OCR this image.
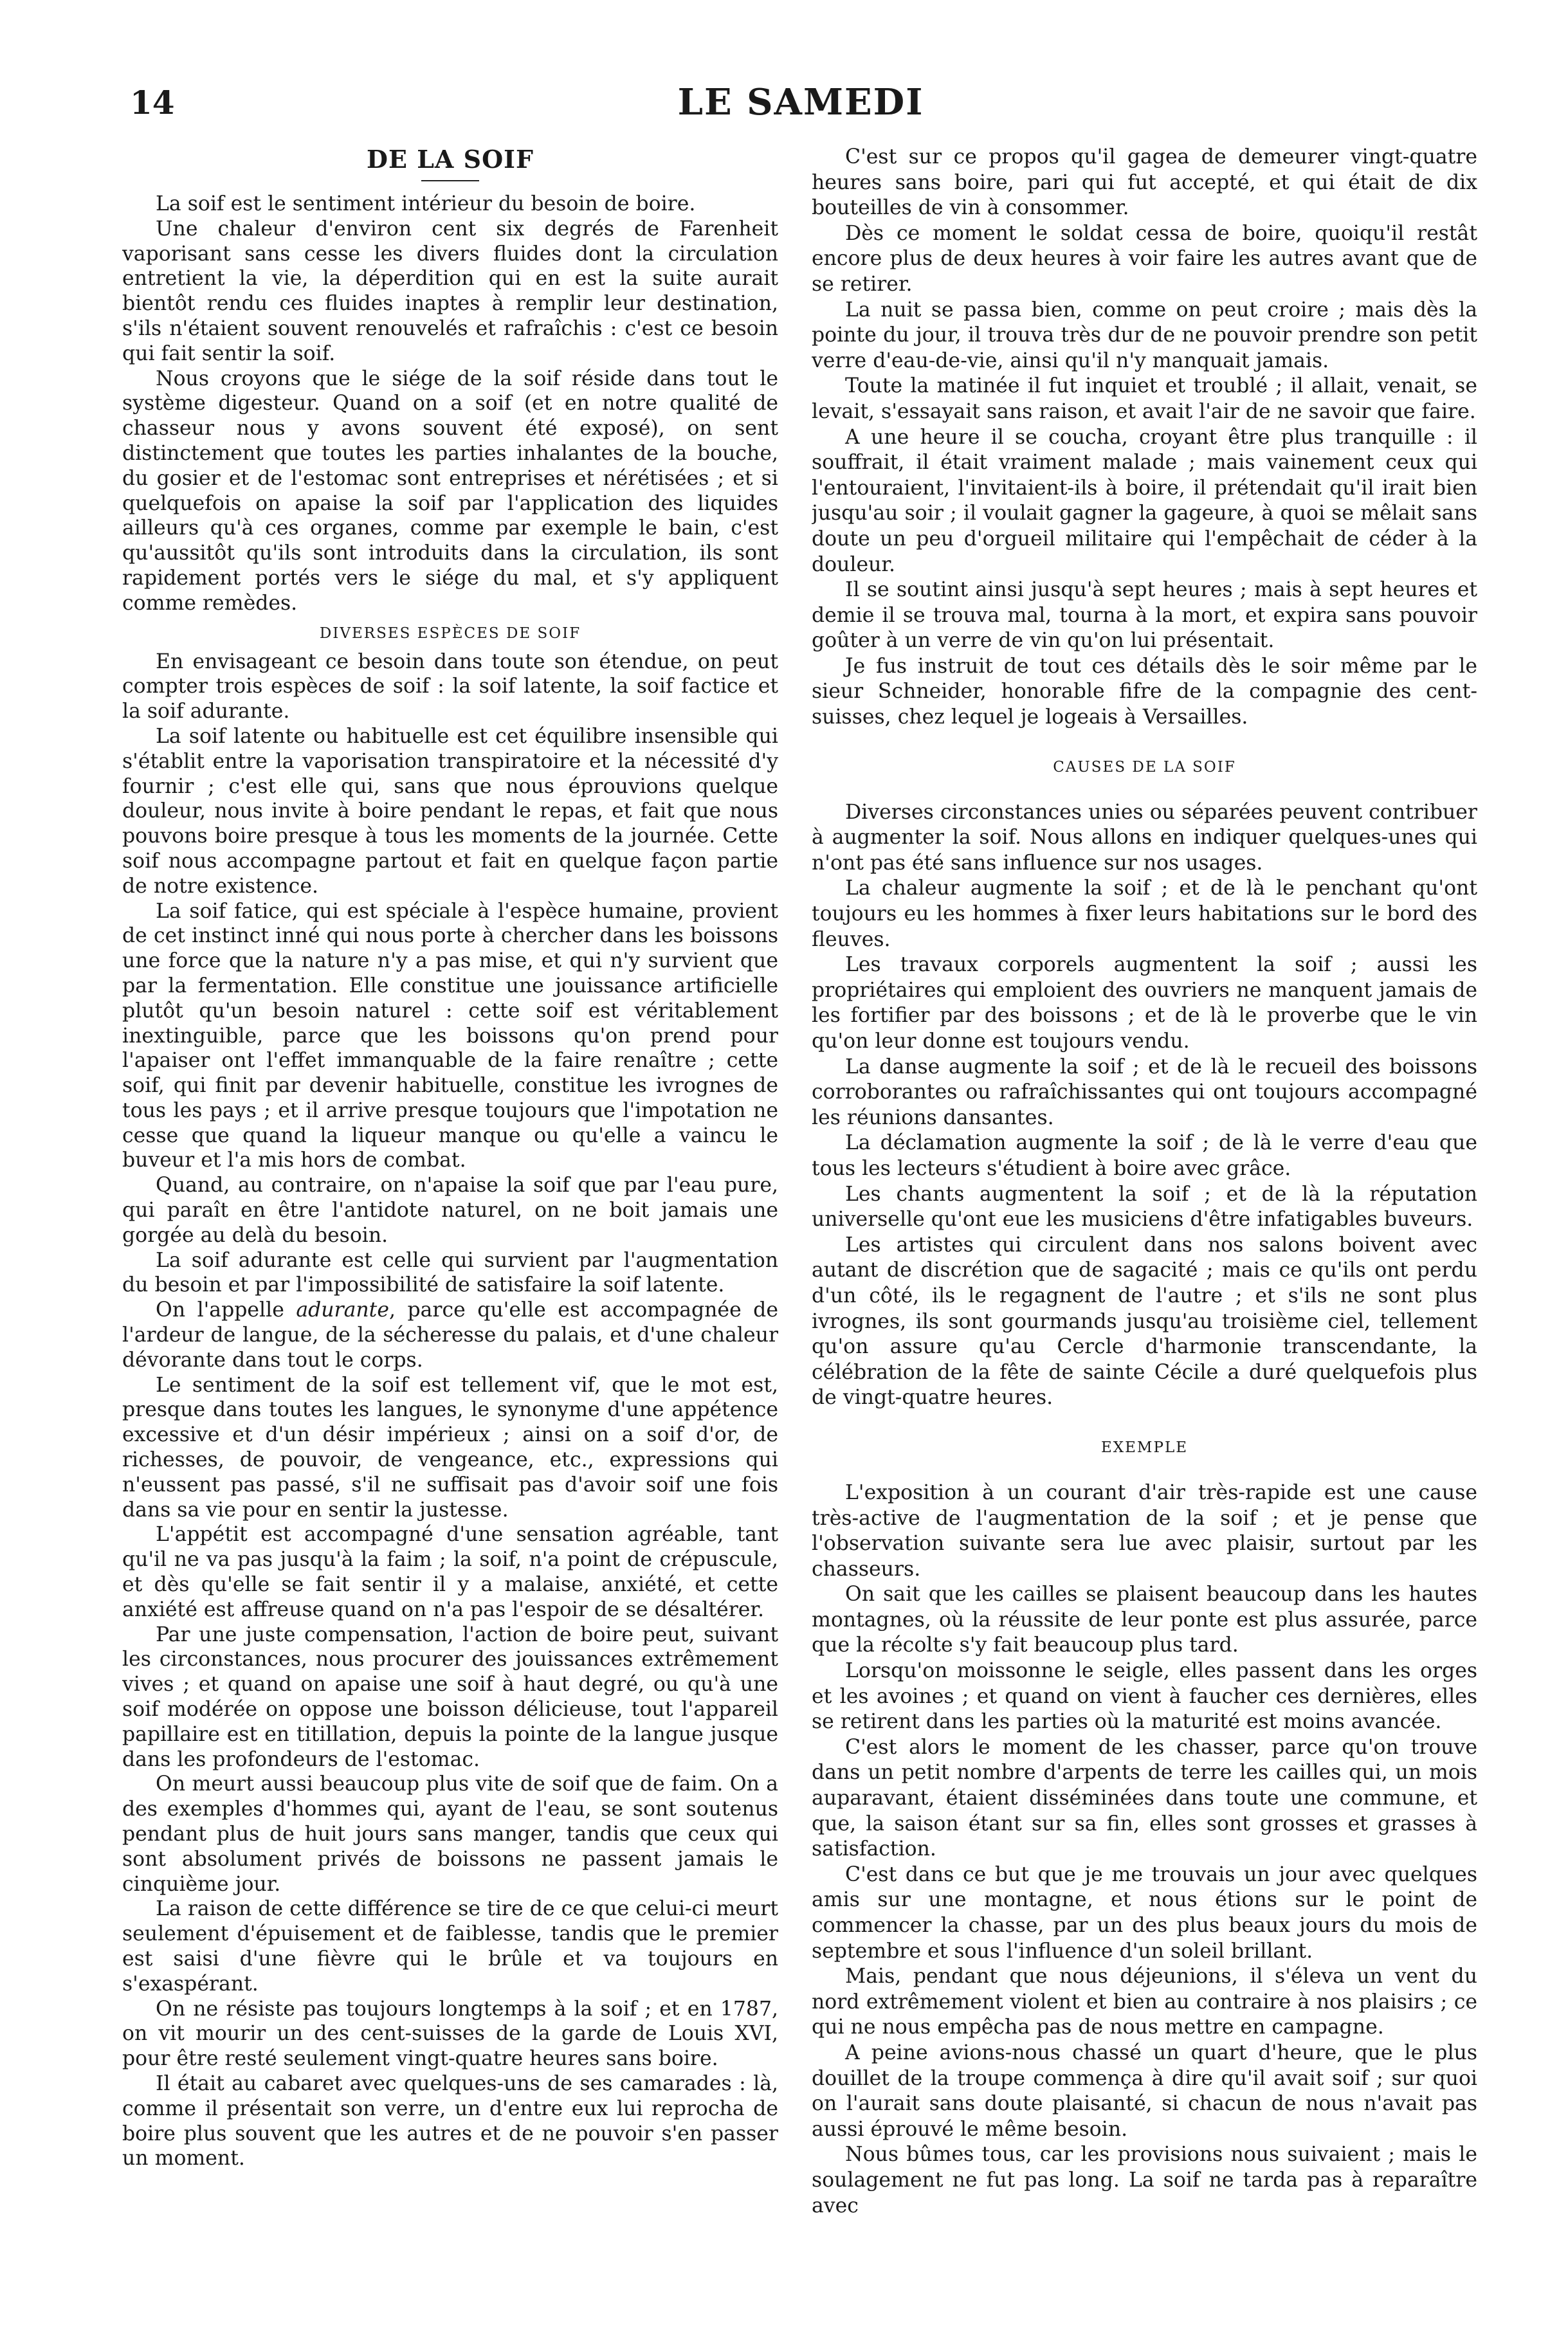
14	LE SAMEDI
DE LA SOIF

La soif est le sentiment intérieur du besoin de boire.

Une chaleur d'environ cent six degrés de Farenheit vaporisant sans cesse les divers fluides dont la circulation entretient la vie, la déperdition qui en est la suite aurait bientôt rendu ces fluides inaptes à remplir leur destination, s'ils n'étaient souvent renouvelés et rafraîchis : c'est ce besoin qui fait sentir la soif.

Nous croyons que le siége de la soif réside dans tout le système digesteur. Quand on a soif (et en notre qualité de chasseur nous y avons souvent été exposé), on sent distinctement que toutes les parties inhalantes de la bouche, du gosier et de l'estomac sont entreprises et nérétisées ; et si quelquefois on apaise la soif par l'application des liquides ailleurs qu'à ces organes, comme par exemple le bain, c'est qu'aussitôt qu'ils sont introduits dans la circulation, ils sont rapidement portés vers le siége du mal, et s'y appliquent comme remèdes.

DIVERSES ESPÈCES DE SOIF

En envisageant ce besoin dans toute son étendue, on peut compter trois espèces de soif : la soif latente, la soif factice et la soif adurante.

La soif latente ou habituelle est cet équilibre insensible qui s'établit entre la vaporisation transpiratoire et la nécessité d'y fournir ; c'est elle qui, sans que nous éprouvions quelque douleur, nous invite à boire pendant le repas, et fait que nous pouvons boire presque à tous les moments de la journée. Cette soif nous accompagne partout et fait en quelque façon partie de notre existence.

La soif fatice, qui est spéciale à l'espèce humaine, provient de cet instinct inné qui nous porte à chercher dans les boissons une force que la nature n'y a pas mise, et qui n'y survient que par la fermentation. Elle constitue une jouissance artificielle plutôt qu'un besoin naturel : cette soif est véritablement inextinguible, parce que les boissons qu'on prend pour l'apaiser ont l'effet immanquable de la faire renaître ; cette soif, qui finit par devenir habituelle, constitue les ivrognes de tous les pays ; et il arrive presque toujours que l'impotation ne cesse que quand la liqueur manque ou qu'elle a vaincu le buveur et l'a mis hors de combat.

Quand, au contraire, on n'apaise la soif que par l'eau pure, qui paraît en être l'antidote naturel, on ne boit jamais une gorgée au delà du besoin.

La soif adurante est celle qui survient par l'augmentation du besoin et par l'impossibilité de satisfaire la soif latente.

On l'appelle adurante, parce qu'elle est accompagnée de l'ardeur de langue, de la sécheresse du palais, et d'une chaleur dévorante dans tout le corps.

Le sentiment de la soif est tellement vif, que le mot est, presque dans toutes les langues, le synonyme d'une appétence excessive et d'un désir impérieux ; ainsi on a soif d'or, de richesses, de pouvoir, de vengeance, etc., expressions qui n'eussent pas passé, s'il ne suffisait pas d'avoir soif une fois dans sa vie pour en sentir la justesse.

L'appétit est accompagné d'une sensation agréable, tant qu'il ne va pas jusqu'à la faim ; la soif, n'a point de crépuscule, et dès qu'elle se fait sentir il y a malaise, anxiété, et cette anxiété est affreuse quand on n'a pas l'espoir de se désaltérer.

Par une juste compensation, l'action de boire peut, suivant les circonstances, nous procurer des jouissances extrêmement vives ; et quand on apaise une soif à haut degré, ou qu'à une soif modérée on oppose une boisson délicieuse, tout l'appareil papillaire est en titillation, depuis la pointe de la langue jusque dans les profondeurs de l'estomac.

On meurt aussi beaucoup plus vite de soif que de faim. On a des exemples d'hommes qui, ayant de l'eau, se sont soutenus pendant plus de huit jours sans manger, tandis que ceux qui sont absolument privés de boissons ne passent jamais le cinquième jour.

La raison de cette différence se tire de ce que celui-ci meurt seulement d'épuisement et de faiblesse, tandis que le premier est saisi d'une fièvre qui le brûle et va toujours en s'exaspérant.

On ne résiste pas toujours longtemps à la soif ; et en 1787, on vit mourir un des cent-suisses de la garde de Louis XVI, pour être resté seulement vingt-quatre heures sans boire.

Il était au cabaret avec quelques-uns de ses camarades : là, comme il présentait son verre, un d'entre eux lui reprocha de boire plus souvent que les autres et de ne pouvoir s'en passer un moment.

C'est sur ce propos qu'il gagea de demeurer vingt-quatre heures sans boire, pari qui fut accepté, et qui était de dix bouteilles de vin à consommer.

Dès ce moment le soldat cessa de boire, quoiqu'il restât encore plus de deux heures à voir faire les autres avant que de se retirer.

La nuit se passa bien, comme on peut croire ; mais dès la pointe du jour, il trouva très dur de ne pouvoir prendre son petit verre d'eau-de-vie, ainsi qu'il n'y manquait jamais.

Toute la matinée il fut inquiet et troublé ; il allait, venait, se levait, s'essayait sans raison, et avait l'air de ne savoir que faire.

A une heure il se coucha, croyant être plus tranquille : il souffrait, il était vraiment malade ; mais vainement ceux qui l'entouraient, l'invitaient-ils à boire, il prétendait qu'il irait bien jusqu'au soir ; il voulait gagner la gageure, à quoi se mêlait sans doute un peu d'orgueil militaire qui l'empêchait de céder à la douleur.

Il se soutint ainsi jusqu'à sept heures ; mais à sept heures et demie il se trouva mal, tourna à la mort, et expira sans pouvoir goûter à un verre de vin qu'on lui présentait.

Je fus instruit de tout ces détails dès le soir même par le sieur Schneider, honorable fifre de la compagnie des cent-suisses, chez lequel je logeais à Versailles.

CAUSES DE LA SOIF

Diverses circonstances unies ou séparées peuvent contribuer à augmenter la soif. Nous allons en indiquer quelques-unes qui n'ont pas été sans influence sur nos usages.

La chaleur augmente la soif ; et de là le penchant qu'ont toujours eu les hommes à fixer leurs habitations sur le bord des fleuves.

Les travaux corporels augmentent la soif ; aussi les propriétaires qui emploient des ouvriers ne manquent jamais de les fortifier par des boissons ; et de là le proverbe que le vin qu'on leur donne est toujours vendu.

La danse augmente la soif ; et de là le recueil des boissons corroborantes ou rafraîchissantes qui ont toujours accompagné les réunions dansantes.

La déclamation augmente la soif ; de là le verre d'eau que tous les lecteurs s'étudient à boire avec grâce.

Les chants augmentent la soif ; et de là la réputation universelle qu'ont eue les musiciens d'être infatigables buveurs.

Les artistes qui circulent dans nos salons boivent avec autant de discrétion que de sagacité ; mais ce qu'ils ont perdu d'un côté, ils le regagnent de l'autre ; et s'ils ne sont plus ivrognes, ils sont gourmands jusqu'au troisième ciel, tellement qu'on assure qu'au Cercle d'harmonie transcendante, la célébration de la fête de sainte Cécile a duré quelquefois plus de vingt-quatre heures.

EXEMPLE

L'exposition à un courant d'air très-rapide est une cause très-active de l'augmentation de la soif ; et je pense que l'observation suivante sera lue avec plaisir, surtout par les chasseurs.

On sait que les cailles se plaisent beaucoup dans les hautes montagnes, où la réussite de leur ponte est plus assurée, parce que la récolte s'y fait beaucoup plus tard.

Lorsqu'on moissonne le seigle, elles passent dans les orges et les avoines ; et quand on vient à faucher ces dernières, elles se retirent dans les parties où la maturité est moins avancée.

C'est alors le moment de les chasser, parce qu'on trouve dans un petit nombre d'arpents de terre les cailles qui, un mois auparavant, étaient disséminées dans toute une commune, et que, la saison étant sur sa fin, elles sont grosses et grasses à satisfaction.

C'est dans ce but que je me trouvais un jour avec quelques amis sur une montagne, et nous étions sur le point de commencer la chasse, par un des plus beaux jours du mois de septembre et sous l'influence d'un soleil brillant.

Mais, pendant que nous déjeunions, il s'éleva un vent du nord extrêmement violent et bien au contraire à nos plaisirs ; ce qui ne nous empêcha pas de nous mettre en campagne.

A peine avions-nous chassé un quart d'heure, que le plus douillet de la troupe commença à dire qu'il avait soif ; sur quoi on l'aurait sans doute plaisanté, si chacun de nous n'avait pas aussi éprouvé le même besoin.

Nous bûmes tous, car les provisions nous suivaient ; mais le soulagement ne fut pas long. La soif ne tarda pas à reparaître avec
